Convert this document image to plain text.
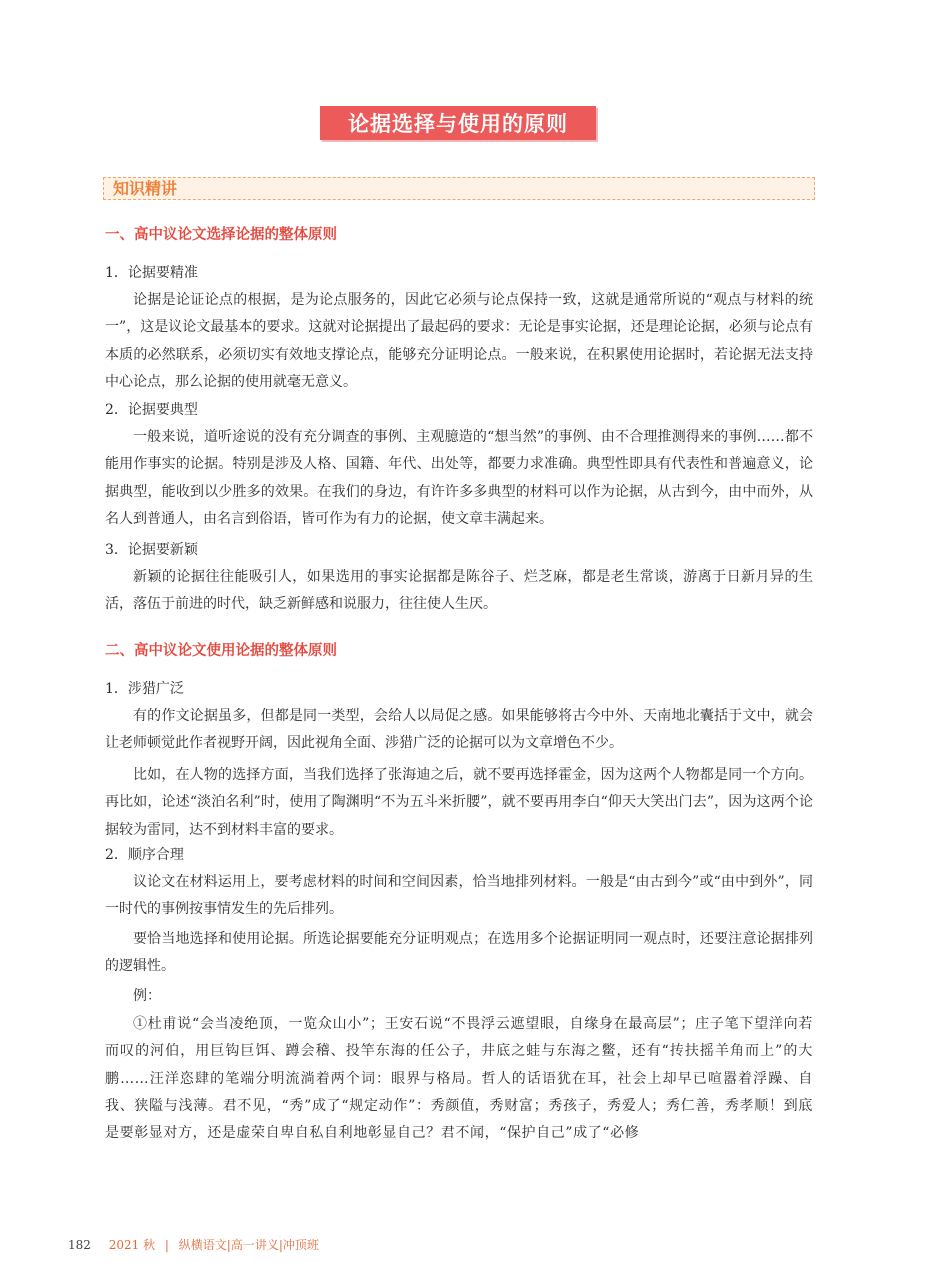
论据选择与使用的原则
知识精讲
一、高中议论文选择论据的整体原则

1．论据要精准

论据是论证论点的根据，是为论点服务的，因此它必须与论点保持一致，这就是通常所说的“观点与材料的统一”，这是议论文最基本的要求。这就对论据提出了最起码的要求：无论是事实论据，还是理论论据，必须与论点有本质的必然联系，必须切实有效地支撑论点，能够充分证明论点。一般来说，在积累使用论据时，若论据无法支持中心论点，那么论据的使用就毫无意义。

2．论据要典型

一般来说，道听途说的没有充分调查的事例、主观臆造的“想当然”的事例、由不合理推测得来的事例……都不能用作事实的论据。特别是涉及人格、国籍、年代、出处等，都要力求准确。典型性即具有代表性和普遍意义，论据典型，能收到以少胜多的效果。在我们的身边，有许许多多典型的材料可以作为论据，从古到今，由中而外，从名人到普通人，由名言到俗语，皆可作为有力的论据，使文章丰满起来。

3．论据要新颖

新颖的论据往往能吸引人，如果选用的事实论据都是陈谷子、烂芝麻，都是老生常谈，游离于日新月异的生活，落伍于前进的时代，缺乏新鲜感和说服力，往往使人生厌。

二、高中议论文使用论据的整体原则

1．涉猎广泛

有的作文论据虽多，但都是同一类型，会给人以局促之感。如果能够将古今中外、天南地北囊括于文中，就会让老师顿觉此作者视野开阔，因此视角全面、涉猎广泛的论据可以为文章增色不少。

比如，在人物的选择方面，当我们选择了张海迪之后，就不要再选择霍金，因为这两个人物都是同一个方向。再比如，论述“淡泊名利”时，使用了陶渊明“不为五斗米折腰”，就不要再用李白“仰天大笑出门去”，因为这两个论据较为雷同，达不到材料丰富的要求。

2．顺序合理

议论文在材料运用上，要考虑材料的时间和空间因素，恰当地排列材料。一般是“由古到今”或“由中到外”，同一时代的事例按事情发生的先后排列。

要恰当地选择和使用论据。所选论据要能充分证明观点；在选用多个论据证明同一观点时，还要注意论据排列的逻辑性。

例：

①杜甫说“会当凌绝顶，一览众山小”；王安石说“不畏浮云遮望眼，自缘身在最高层”；庄子笔下望洋向若而叹的河伯，用巨钩巨饵、蹲会稽、投竿东海的任公子，井底之蛙与东海之鳖，还有“抟扶摇羊角而上”的大鹏……汪洋恣肆的笔端分明流淌着两个词：眼界与格局。哲人的话语犹在耳，社会上却早已喧嚣着浮躁、自我、狭隘与浅薄。君不见，“秀”成了“规定动作”：秀颜值，秀财富；秀孩子，秀爱人；秀仁善，秀孝顺！到底是要彰显对方，还是虚荣自卑自私自利地彰显自己？君不闻，“保护自己”成了“必修

182 2021 秋 | 纵横语文|高一讲义|冲顶班
